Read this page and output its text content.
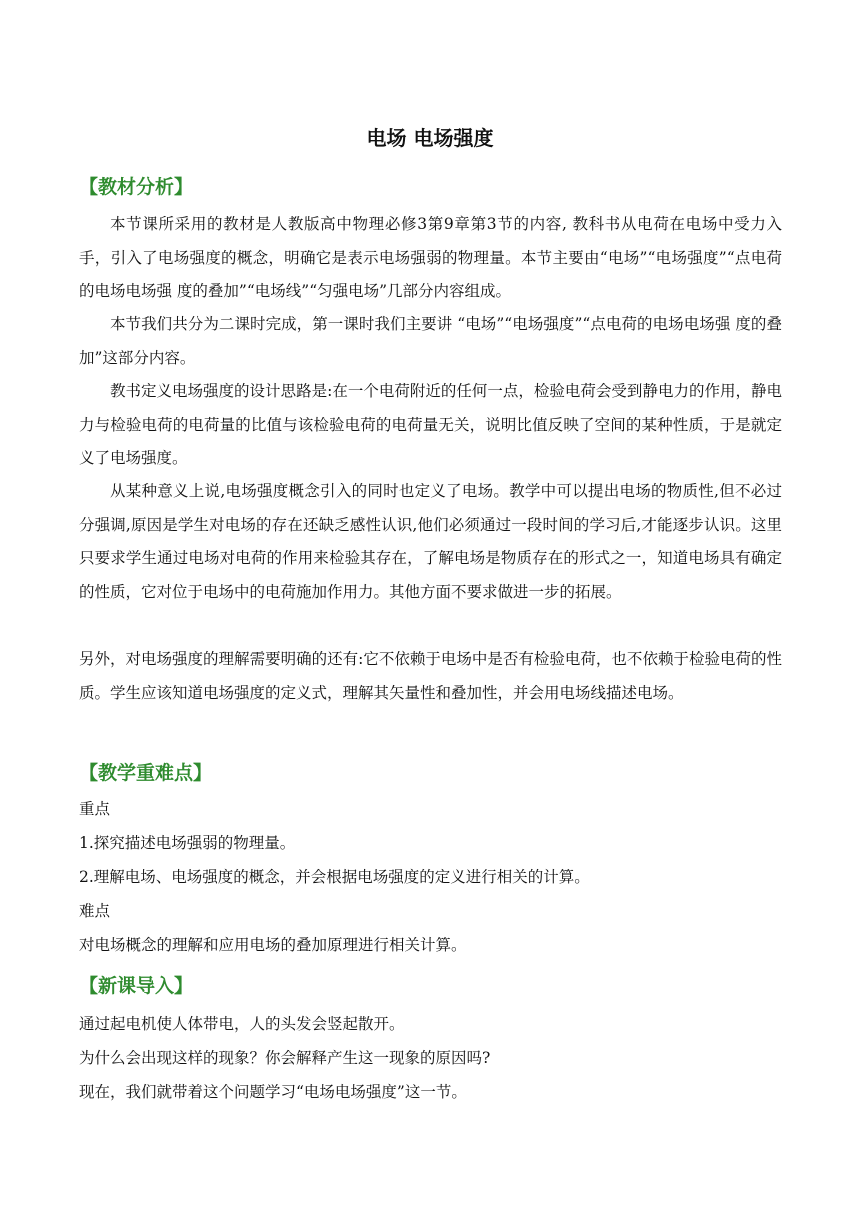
电场 电场强度
【教材分析】

本节课所采用的教材是人教版高中物理必修3第9章第3节的内容, 教科书从电荷在电场中受力入手，引入了电场强度的概念，明确它是表示电场强弱的物理量。本节主要由“电场”“电场强度”“点电荷的电场电场强 度的叠加”“电场线”“匀强电场”几部分内容组成。

本节我们共分为二课时完成，第一课时我们主要讲 “电场”“电场强度”“点电荷的电场电场强 度的叠加”这部分内容。

教书定义电场强度的设计思路是:在一个电荷附近的任何一点，检验电荷会受到静电力的作用，静电力与检验电荷的电荷量的比值与该检验电荷的电荷量无关，说明比值反映了空间的某种性质，于是就定义了电场强度。

从某种意义上说,电场强度概念引入的同时也定义了电场。教学中可以提出电场的物质性,但不必过分强调,原因是学生对电场的存在还缺乏感性认识,他们必须通过一段时间的学习后,才能逐步认识。这里只要求学生通过电场对电荷的作用来检验其存在，了解电场是物质存在的形式之一，知道电场具有确定的性质，它对位于电场中的电荷施加作用力。其他方面不要求做进一步的拓展。

另外，对电场强度的理解需要明确的还有:它不依赖于电场中是否有检验电荷，也不依赖于检验电荷的性质。学生应该知道电场强度的定义式，理解其矢量性和叠加性，并会用电场线描述电场。

【教学重难点】

重点

1.探究描述电场强弱的物理量。

2.理解电场、电场强度的概念，并会根据电场强度的定义进行相关的计算。

难点

对电场概念的理解和应用电场的叠加原理进行相关计算。

【新课导入】

通过起电机使人体带电，人的头发会竖起散开。

为什么会出现这样的现象？你会解释产生这一现象的原因吗?

现在，我们就带着这个问题学习“电场电场强度”这一节。
